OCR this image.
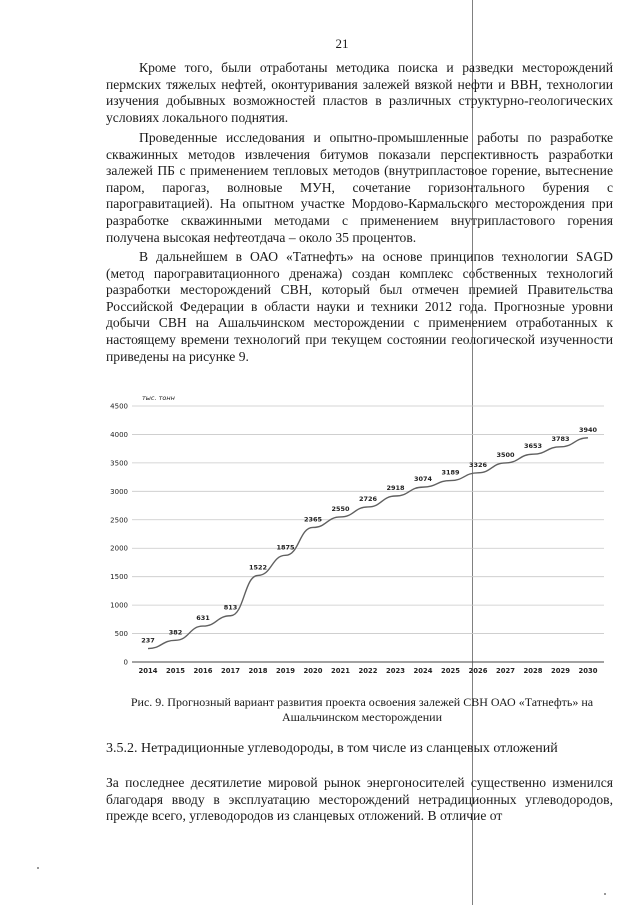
21

Кроме того, были отработаны методика поиска и разведки месторождений пермских тяжелых нефтей, оконтуривания залежей вязкой нефти и ВВН, технологии изучения добывных возможностей пластов в различных структурно-геологических условиях локального поднятия.

Проведенные исследования и опытно-промышленные работы по разработке скважинных методов извлечения битумов показали перспективность разработки залежей ПБ с применением тепловых методов (внутрипластовое горение, вытеснение паром, парогаз, волновые МУН, сочетание горизонтального бурения с парогравитацией). На опытном участке Мордово-Кармальского месторождения при разработке скважинными методами с применением внутрипластового горения получена высокая нефтеотдача – около 35 процентов.

В дальнейшем в ОАО «Татнефть» на основе принципов технологии SAGD (метод парогравитационного дренажа) создан комплекс собственных технологий разработки месторождений СВН, который был отмечен премией Правительства Российской Федерации в области науки и техники 2012 года. Прогнозные уровни добычи СВН на Ашальчинском месторождении с применением отработанных к настоящему времени технологий при текущем состоянии геологической изученности приведены на рисунке 9.

0
500
1000
1500
2000
2500
3000
3500
4000
4500
тыс. тонн
2014 2015 2016 2017 2018 2019 2020 2021 2022 2023 2024 2025 2026 2027 2028 2029 2030
237
382
631
813
1522
1875
2365
2550
2726
2918
3074
3189
3326
3500
3653
3783
3940

Рис. 9. Прогнозный вариант развития проекта освоения залежей СВН ОАО «Татнефть» на Ашальчинском месторождении

3.5.2. Нетрадиционные углеводороды, в том числе из сланцевых отложений

За последнее десятилетие мировой рынок энергоносителей существенно изменился благодаря вводу в эксплуатацию месторождений нетрадиционных углеводородов, прежде всего, углеводородов из сланцевых отложений. В отличие от
